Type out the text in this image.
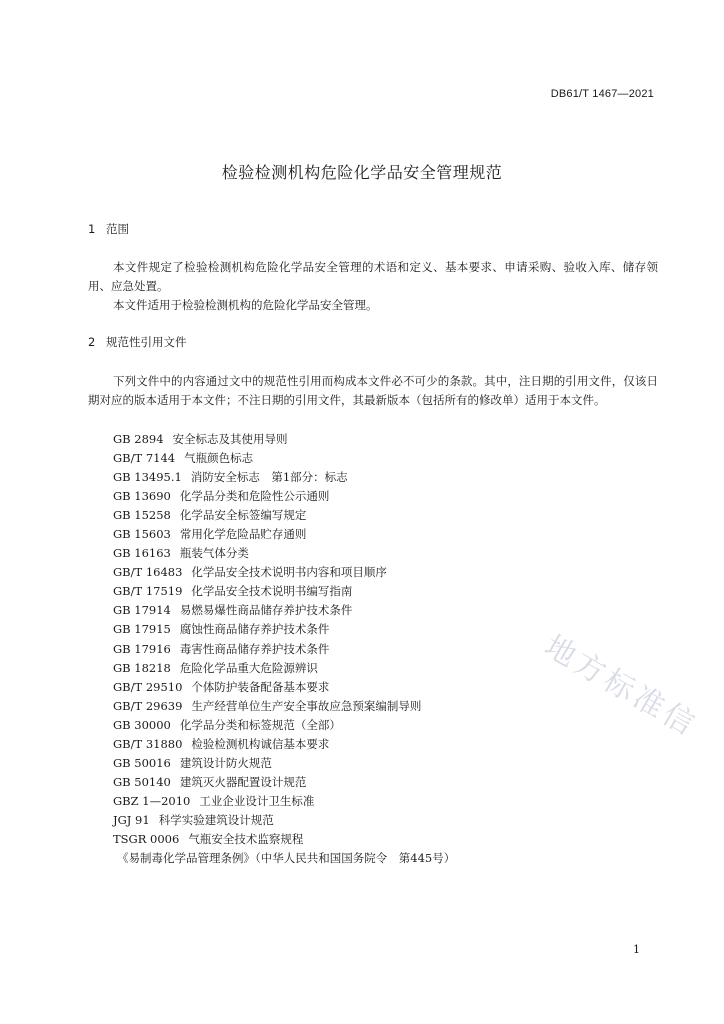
DB61/T 1467—2021
检验检测机构危险化学品安全管理规范
1 范围
本文件规定了检验检测机构危险化学品安全管理的术语和定义、基本要求、申请采购、验收入库、储存领用、应急处置。
本文件适用于检验检测机构的危险化学品安全管理。
2 规范性引用文件
下列文件中的内容通过文中的规范性引用而构成本文件必不可少的条款。其中，注日期的引用文件，仅该日期对应的版本适用于本文件；不注日期的引用文件，其最新版本（包括所有的修改单）适用于本文件。
GB 2894 安全标志及其使用导则
GB/T 7144 气瓶颜色标志
GB 13495.1 消防安全标志　第1部分：标志
GB 13690 化学品分类和危险性公示通则
GB 15258 化学品安全标签编写规定
GB 15603 常用化学危险品贮存通则
GB 16163 瓶装气体分类
GB/T 16483 化学品安全技术说明书内容和项目顺序
GB/T 17519 化学品安全技术说明书编写指南
GB 17914 易燃易爆性商品储存养护技术条件
GB 17915 腐蚀性商品储存养护技术条件
GB 17916 毒害性商品储存养护技术条件
GB 18218 危险化学品重大危险源辨识
GB/T 29510 个体防护装备配备基本要求
GB/T 29639 生产经营单位生产安全事故应急预案编制导则
GB 30000 化学品分类和标签规范（全部）
GB/T 31880 检验检测机构诚信基本要求
GB 50016 建筑设计防火规范
GB 50140 建筑灭火器配置设计规范
GBZ 1—2010 工业企业设计卫生标准
JGJ 91 科学实验建筑设计规范
TSGR 0006 气瓶安全技术监察规程
《易制毒化学品管理条例》（中华人民共和国国务院令　第445号）
1
地方标准信
